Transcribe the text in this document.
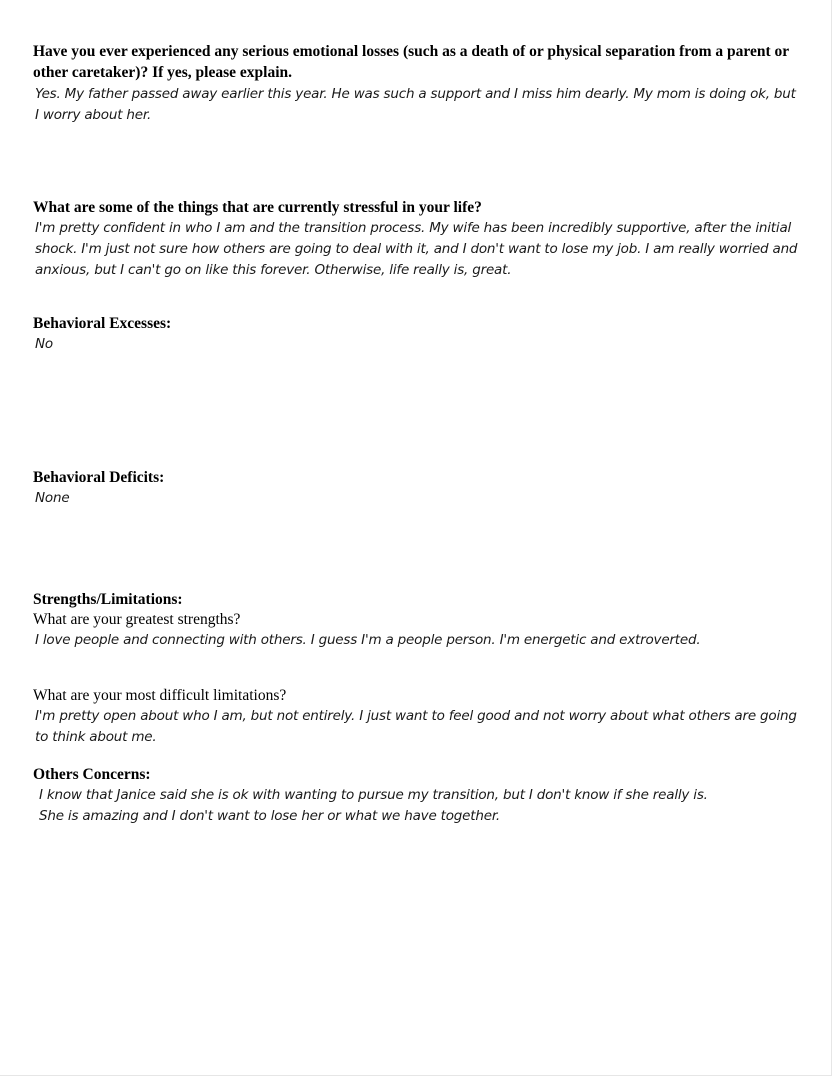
Have you ever experienced any serious emotional losses (such as a death of or physical separation from a parent or other caretaker)? If yes, please explain.

Yes. My father passed away earlier this year. He was such a support and I miss him dearly. My mom is doing ok, but I worry about her.

What are some of the things that are currently stressful in your life?

I'm pretty confident in who I am and the transition process. My wife has been incredibly supportive, after the initial shock. I'm just not sure how others are going to deal with it, and I don't want to lose my job. I am really worried and anxious, but I can't go on like this forever. Otherwise, life really is, great.

Behavioral Excesses:

No

Behavioral Deficits:

None

Strengths/Limitations:

What are your greatest strengths?

I love people and connecting with others. I guess I'm a people person. I'm energetic and extroverted.

What are your most difficult limitations?

I'm pretty open about who I am, but not entirely. I just want to feel good and not worry about what others are going to think about me.

Others Concerns:

I know that Janice said she is ok with wanting to pursue my transition, but I don't know if she really is.

She is amazing and I don't want to lose her or what we have together.
